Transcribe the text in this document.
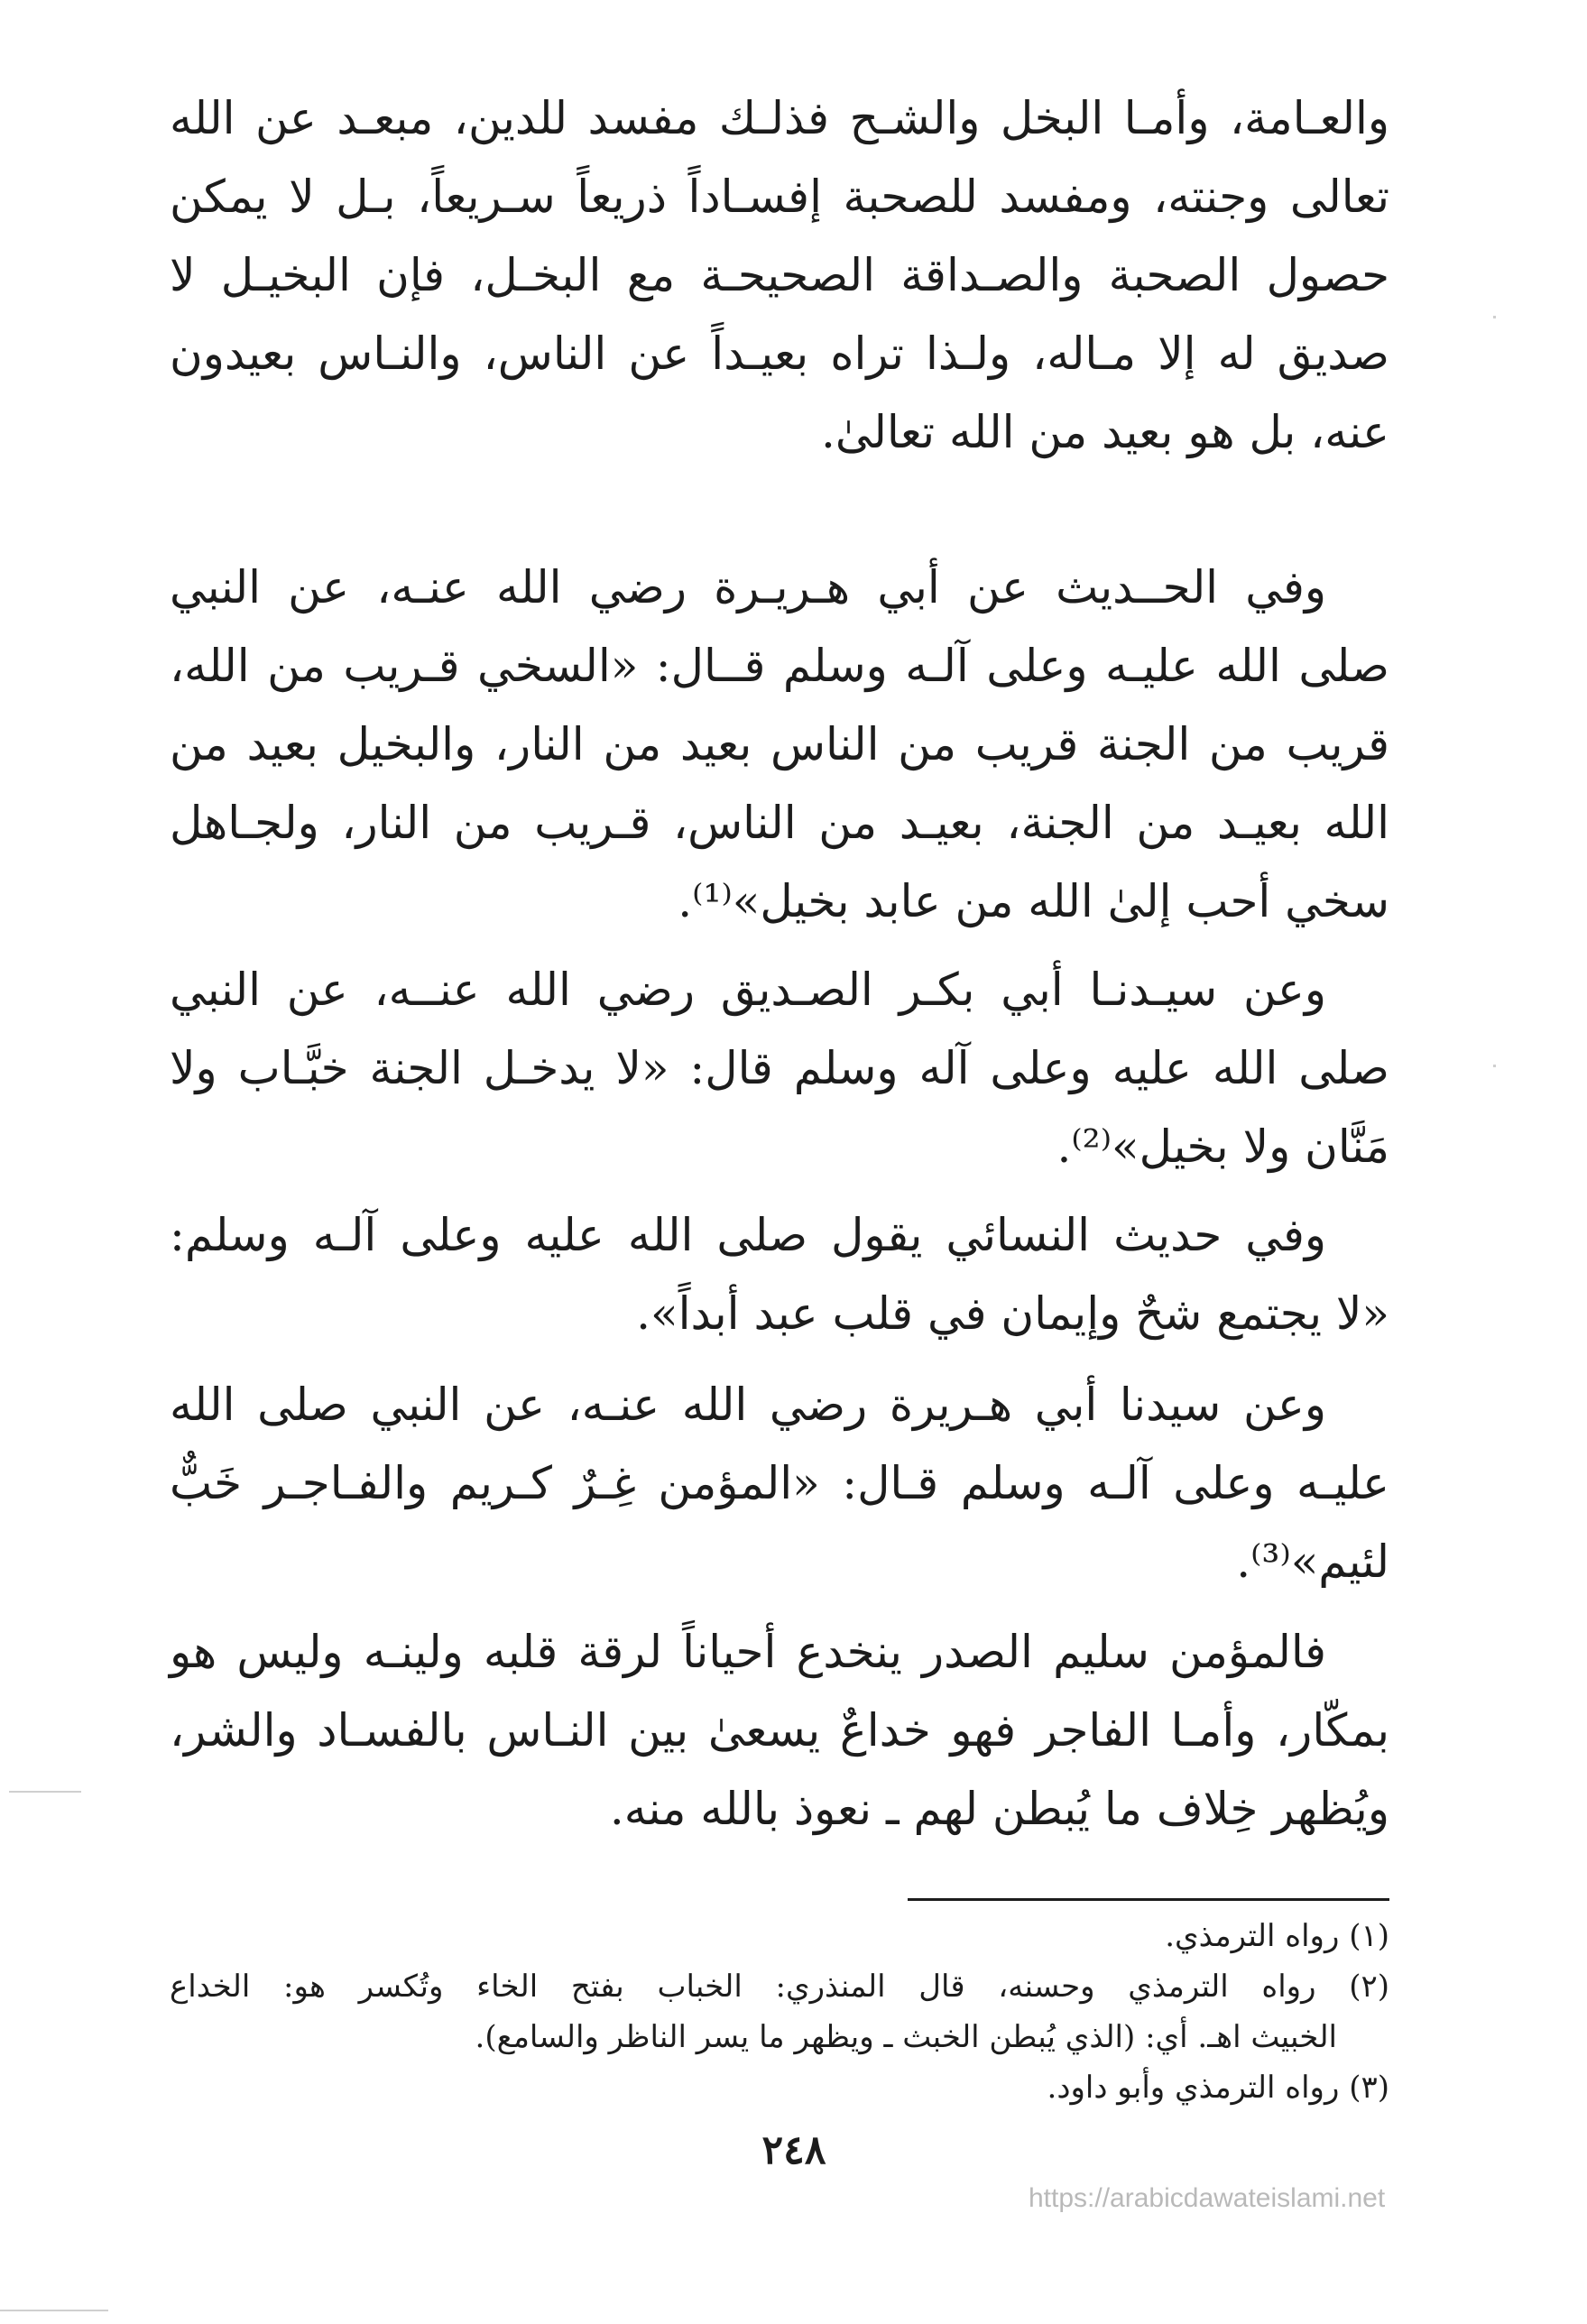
والعـامة، وأمـا البخل والشـح فذلـك مفسد للدين، مبعـد عن الله
تعالى وجنته، ومفسد للصحبة إفسـاداً ذريعاً سـريعاً، بـل لا يمكن
حصول الصحبة والصـداقة الصحيحـة مع البخـل، فإن البخيـل لا
صديق له إلا مـاله، ولـذا تراه بعيـداً عن الناس، والنـاس بعيدون
عنه، بل هو بعيد من الله تعالىٰ.
وفي الحــديث عن أبي هـريـرة رضي الله عنـه، عن النبي
صلى الله عليـه وعلى آلـه وسلم قــال: «السخي قـريب من الله،
قريب من الجنة قريب من الناس بعيد من النار، والبخيل بعيد من
الله بعيـد من الجنة، بعيـد من الناس، قـريب من النار، ولجـاهل
سخي أحب إلىٰ الله من عابد بخيل»⁽¹⁾.
وعن سيـدنـا أبي بكـر الصـديق رضي الله عنــه، عن النبي
صلى الله عليه وعلى آله وسلم قال: «لا يدخـل الجنة خبَّـاب ولا
مَنَّان ولا بخيل»⁽²⁾.
وفي حديث النسائي يقول صلى الله عليه وعلى آلـه وسلم:
«لا يجتمع شحٌ وإيمان في قلب عبد أبداً».
وعن سيدنا أبي هـريرة رضي الله عنـه، عن النبي صلى الله
عليـه وعلى آلـه وسلم قـال: «المؤمن غِـرٌ كـريم والفـاجـر خَبٌّ
لئيم»⁽³⁾.
فالمؤمن سليم الصدر ينخدع أحياناً لرقة قلبه ولينـه وليس هو
بمكّار، وأمـا الفاجر فهو خداعٌ يسعىٰ بين النـاس بالفسـاد والشر،
ويُظهر خِلاف ما يُبطن لهم ـ نعوذ بالله منه.
(١) رواه الترمذي.
(٢) رواه الترمذي وحسنه، قال المنذري: الخباب بفتح الخاء وتُكسر هو: الخداع
الخبيث اهـ. أي: (الذي يُبطن الخبث ـ ويظهر ما يسر الناظر والسامع).
(٣) رواه الترمذي وأبو داود.
٢٤٨
https://arabicdawateislami.net
